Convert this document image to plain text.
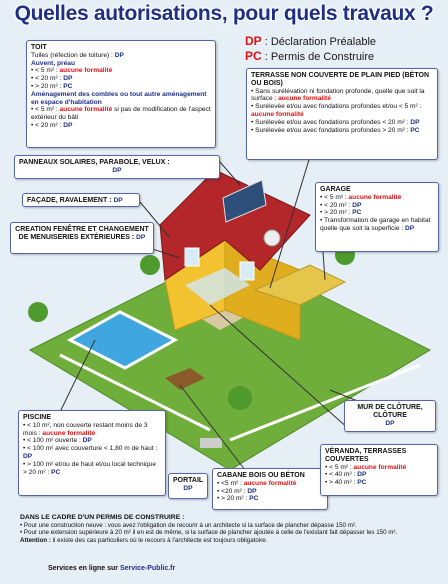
Quelles autorisations, pour quels travaux ?
DP : Déclaration Préalable
PC : Permis de Construire
TOIT
Tuiles (réfection de toiture) : DP
Auvent, préau
• < 5 m² : aucune formalité
• < 20 m² : DP
• > 20 m² : PC
Aménagement des combles ou tout autre aménagement en espace d'habitation
• < 5 m² : aucune formalité si pas de modification de l'aspect extérieur du bâti
• < 20 m² : DP
TERRASSE NON COUVERTE DE PLAIN PIED (BÉTON OU BOIS)
• Sans surélévation ni fondation profonde, quelle que soit la surface : aucune formalité
• Surélevée et/ou avec fondations profondes et/ou < 5 m² : aucune formalité
• Surélevée et/ou avec fondations profondes < 20 m² : DP
• Surélevée et/ou avec fondations profondes > 20 m² : PC
PANNEAUX SOLAIRES, PARABOLE, VELUX :
DP
FAÇADE, RAVALEMENT : DP
CREATION FENÊTRE ET CHANGEMENT DE MENUISERIES EXTÉRIEURES : DP
GARAGE
• < 5 m² : aucune formalité
• < 20 m² : DP
• > 20 m² : PC
• Transformation de garage en habitat quelle que soit la superficie : DP
PISCINE
• < 10 m², non couverte restant moins de 3 mois : aucune formalité
• < 100 m² ouverte : DP
• < 100 m² avec couverture < 1,80 m de haut : DP
• > 100 m² et/ou de haut et/ou local technique > 20 m² : PC
PORTAIL
DP
CABANE BOIS OU BÉTON
• <5 m² : aucune formalité
• <20 m² : DP
• > 20 m² : PC
MUR DE CLÔTURE, CLÔTURE
DP
VÉRANDA, TERRASSES COUVERTES
• < 5 m² : aucune formalité
• < 40 m² : DP
• > 40 m² : PC
DANS LE CADRE D'UN PERMIS DE CONSTRUIRE :
• Pour une construction neuve : vous avez l'obligation de recourir à un architecte si la surface de plancher dépasse 150 m².
• Pour une extension supérieure à 20 m² il en est de même, si la surface de plancher ajoutée à celle de l'existant fait dépasser les 150 m².
Attention : il existe des cas particuliers où le recours à l'architecte est toujours obligatoire.
Services en ligne sur Service-Public.fr
